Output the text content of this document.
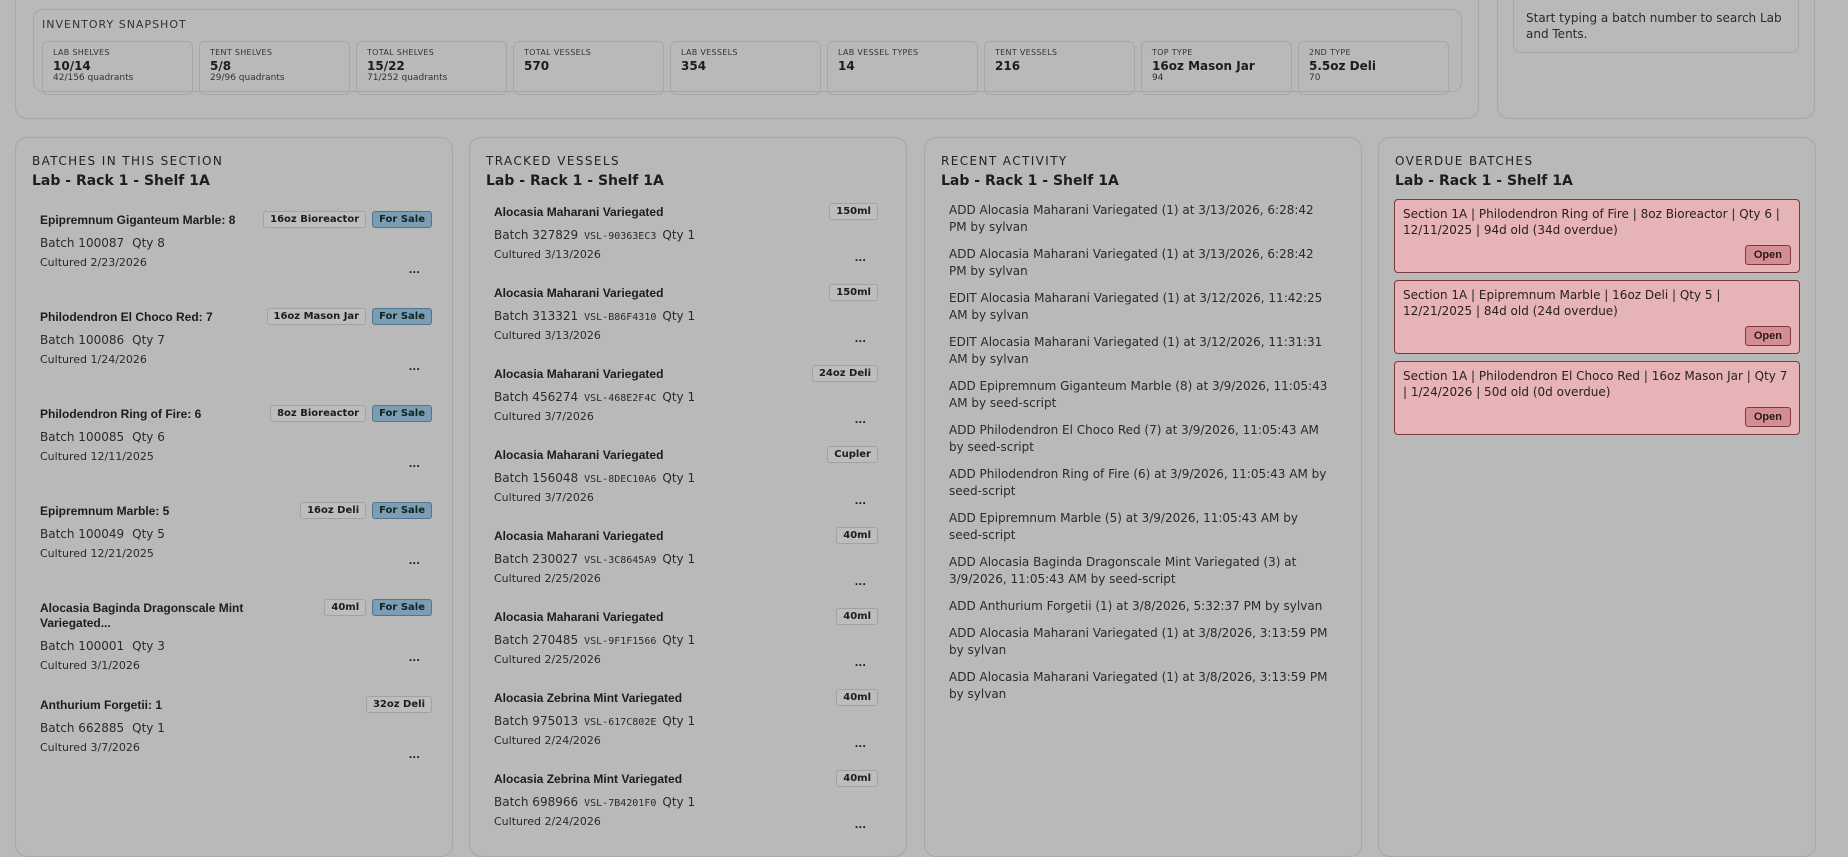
INVENTORY SNAPSHOT
LAB SHELVES
10/14
42/156 quadrants
TENT SHELVES
5/8
29/96 quadrants
TOTAL SHELVES
15/22
71/252 quadrants
TOTAL VESSELS
570
LAB VESSELS
354
LAB VESSEL TYPES
14
TENT VESSELS
216
TOP TYPE
16oz Mason Jar
94
2ND TYPE
5.5oz Deli
70
Start typing a batch number to search Lab and Tents.
BATCHES IN THIS SECTION
Lab - Rack 1 - Shelf 1A
Epipremnum Giganteum Marble: 8	16oz Bioreactor	For Sale
Batch 100087 Qty 8
Cultured 2/23/2026
...
Philodendron El Choco Red: 7	16oz Mason Jar	For Sale
Batch 100086 Qty 7
Cultured 1/24/2026
...
Philodendron Ring of Fire: 6	8oz Bioreactor	For Sale
Batch 100085 Qty 6
Cultured 12/11/2025
...
Epipremnum Marble: 5	16oz Deli	For Sale
Batch 100049 Qty 5
Cultured 12/21/2025
...
Alocasia Baginda Dragonscale Mint Variegated...
40ml	For Sale
Batch 100001 Qty 3
Cultured 3/1/2026
...
Anthurium Forgetii: 1	32oz Deli
Batch 662885 Qty 1
Cultured 3/7/2026
...
TRACKED VESSELS
Lab - Rack 1 - Shelf 1A
Alocasia Maharani Variegated	150ml
Batch 327829 VSL-90363EC3 Qty 1
Cultured 3/13/2026	...
Alocasia Maharani Variegated	150ml
Batch 313321 VSL-B86F4310 Qty 1
Cultured 3/13/2026	...
Alocasia Maharani Variegated	24oz Deli
Batch 456274 VSL-468E2F4C Qty 1
Cultured 3/7/2026	...
Alocasia Maharani Variegated	Cupler
Batch 156048 VSL-8DEC10A6 Qty 1
Cultured 3/7/2026	...
Alocasia Maharani Variegated	40ml
Batch 230027 VSL-3C8645A9 Qty 1
Cultured 2/25/2026	...
Alocasia Maharani Variegated	40ml
Batch 270485 VSL-9F1F1566 Qty 1
Cultured 2/25/2026	...
Alocasia Zebrina Mint Variegated	40ml
Batch 975013 VSL-617C802E Qty 1
Cultured 2/24/2026	...
Alocasia Zebrina Mint Variegated	40ml
Batch 698966 VSL-7B4201F0 Qty 1
Cultured 2/24/2026	...
RECENT ACTIVITY
Lab - Rack 1 - Shelf 1A
ADD Alocasia Maharani Variegated (1) at 3/13/2026, 6:28:42 PM by sylvan
ADD Alocasia Maharani Variegated (1) at 3/13/2026, 6:28:42 PM by sylvan
EDIT Alocasia Maharani Variegated (1) at 3/12/2026, 11:42:25 AM by sylvan
EDIT Alocasia Maharani Variegated (1) at 3/12/2026, 11:31:31 AM by sylvan
ADD Epipremnum Giganteum Marble (8) at 3/9/2026, 11:05:43 AM by seed-script
ADD Philodendron El Choco Red (7) at 3/9/2026, 11:05:43 AM by seed-script
ADD Philodendron Ring of Fire (6) at 3/9/2026, 11:05:43 AM by seed-script
ADD Epipremnum Marble (5) at 3/9/2026, 11:05:43 AM by seed-script
ADD Alocasia Baginda Dragonscale Mint Variegated (3) at 3/9/2026, 11:05:43 AM by seed-script
ADD Anthurium Forgetii (1) at 3/8/2026, 5:32:37 PM by sylvan
ADD Alocasia Maharani Variegated (1) at 3/8/2026, 3:13:59 PM by sylvan
ADD Alocasia Maharani Variegated (1) at 3/8/2026, 3:13:59 PM by sylvan
OVERDUE BATCHES
Lab - Rack 1 - Shelf 1A
Section 1A | Philodendron Ring of Fire | 8oz Bioreactor | Qty 6 | 12/11/2025 | 94d old (34d overdue)
Open
Section 1A | Epipremnum Marble | 16oz Deli | Qty 5 | 12/21/2025 | 84d old (24d overdue)
Open
Section 1A | Philodendron El Choco Red | 16oz Mason Jar | Qty 7 | 1/24/2026 | 50d old (0d overdue)
Open
